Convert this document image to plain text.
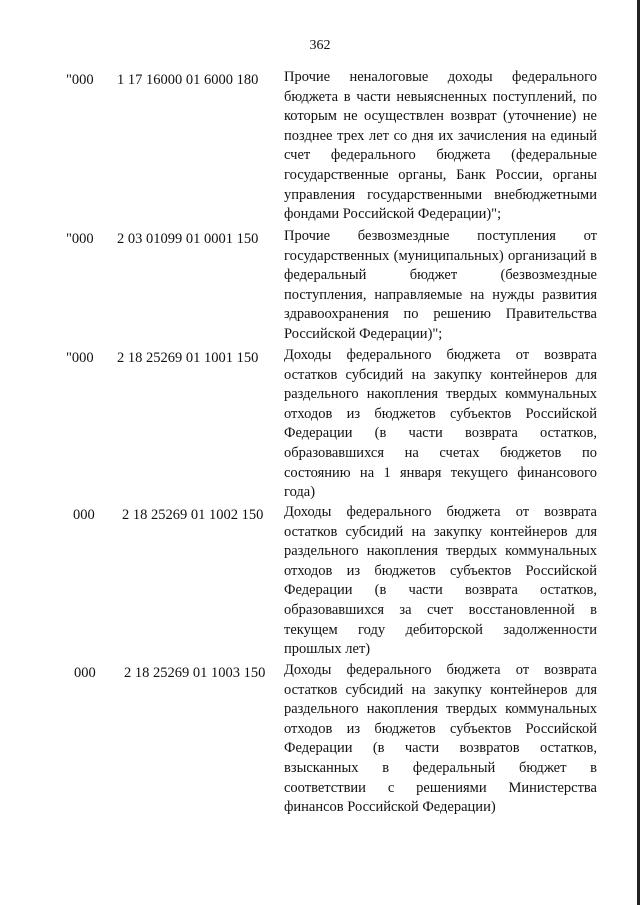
362
"000 1 17 16000 01 6000 180 Прочие неналоговые доходы федерального бюджета в части невыясненных поступлений, по которым не осуществлен возврат (уточнение) не позднее трех лет со дня их зачисления на единый счет федерального бюджета (федеральные государственные органы, Банк России, органы управления государственными внебюджетными фондами Российской Федерации)";
"000 2 03 01099 01 0001 150 Прочие безвозмездные поступления от государственных (муниципальных) организаций в федеральный бюджет (безвозмездные поступления, направляемые на нужды развития здравоохранения по решению Правительства Российской Федерации)";
"000 2 18 25269 01 1001 150 Доходы федерального бюджета от возврата остатков субсидий на закупку контейнеров для раздельного накопления твердых коммунальных отходов из бюджетов субъектов Российской Федерации (в части возврата остатков, образовавшихся на счетах бюджетов по состоянию на 1 января текущего финансового года)
000 2 18 25269 01 1002 150 Доходы федерального бюджета от возврата остатков субсидий на закупку контейнеров для раздельного накопления твердых коммунальных отходов из бюджетов субъектов Российской Федерации (в части возврата остатков, образовавшихся за счет восстановленной в текущем году дебиторской задолженности прошлых лет)
000 2 18 25269 01 1003 150 Доходы федерального бюджета от возврата остатков субсидий на закупку контейнеров для раздельного накопления твердых коммунальных отходов из бюджетов субъектов Российской Федерации (в части возвратов остатков, взысканных в федеральный бюджет в соответствии с решениями Министерства финансов Российской Федерации)
